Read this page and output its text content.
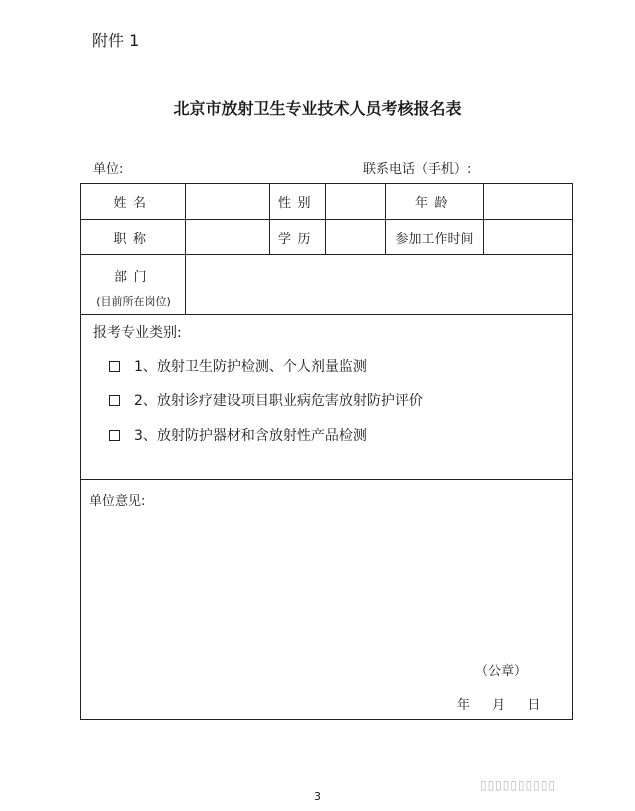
附件 1
北京市放射卫生专业技术人员考核报名表
单位:	联系电话（手机）:
姓名	性别	年龄
职称	学历	参加工作时间
部门
(目前所在岗位)
报考专业类别:
1、放射卫生防护检测、个人剂量监测
2、放射诊疗建设项目职业病危害放射防护评价
3、放射防护器材和含放射性产品检测
单位意见:
（公章）
年 月 日
▯▯▯▯▯▯▯▯▯▯
3
